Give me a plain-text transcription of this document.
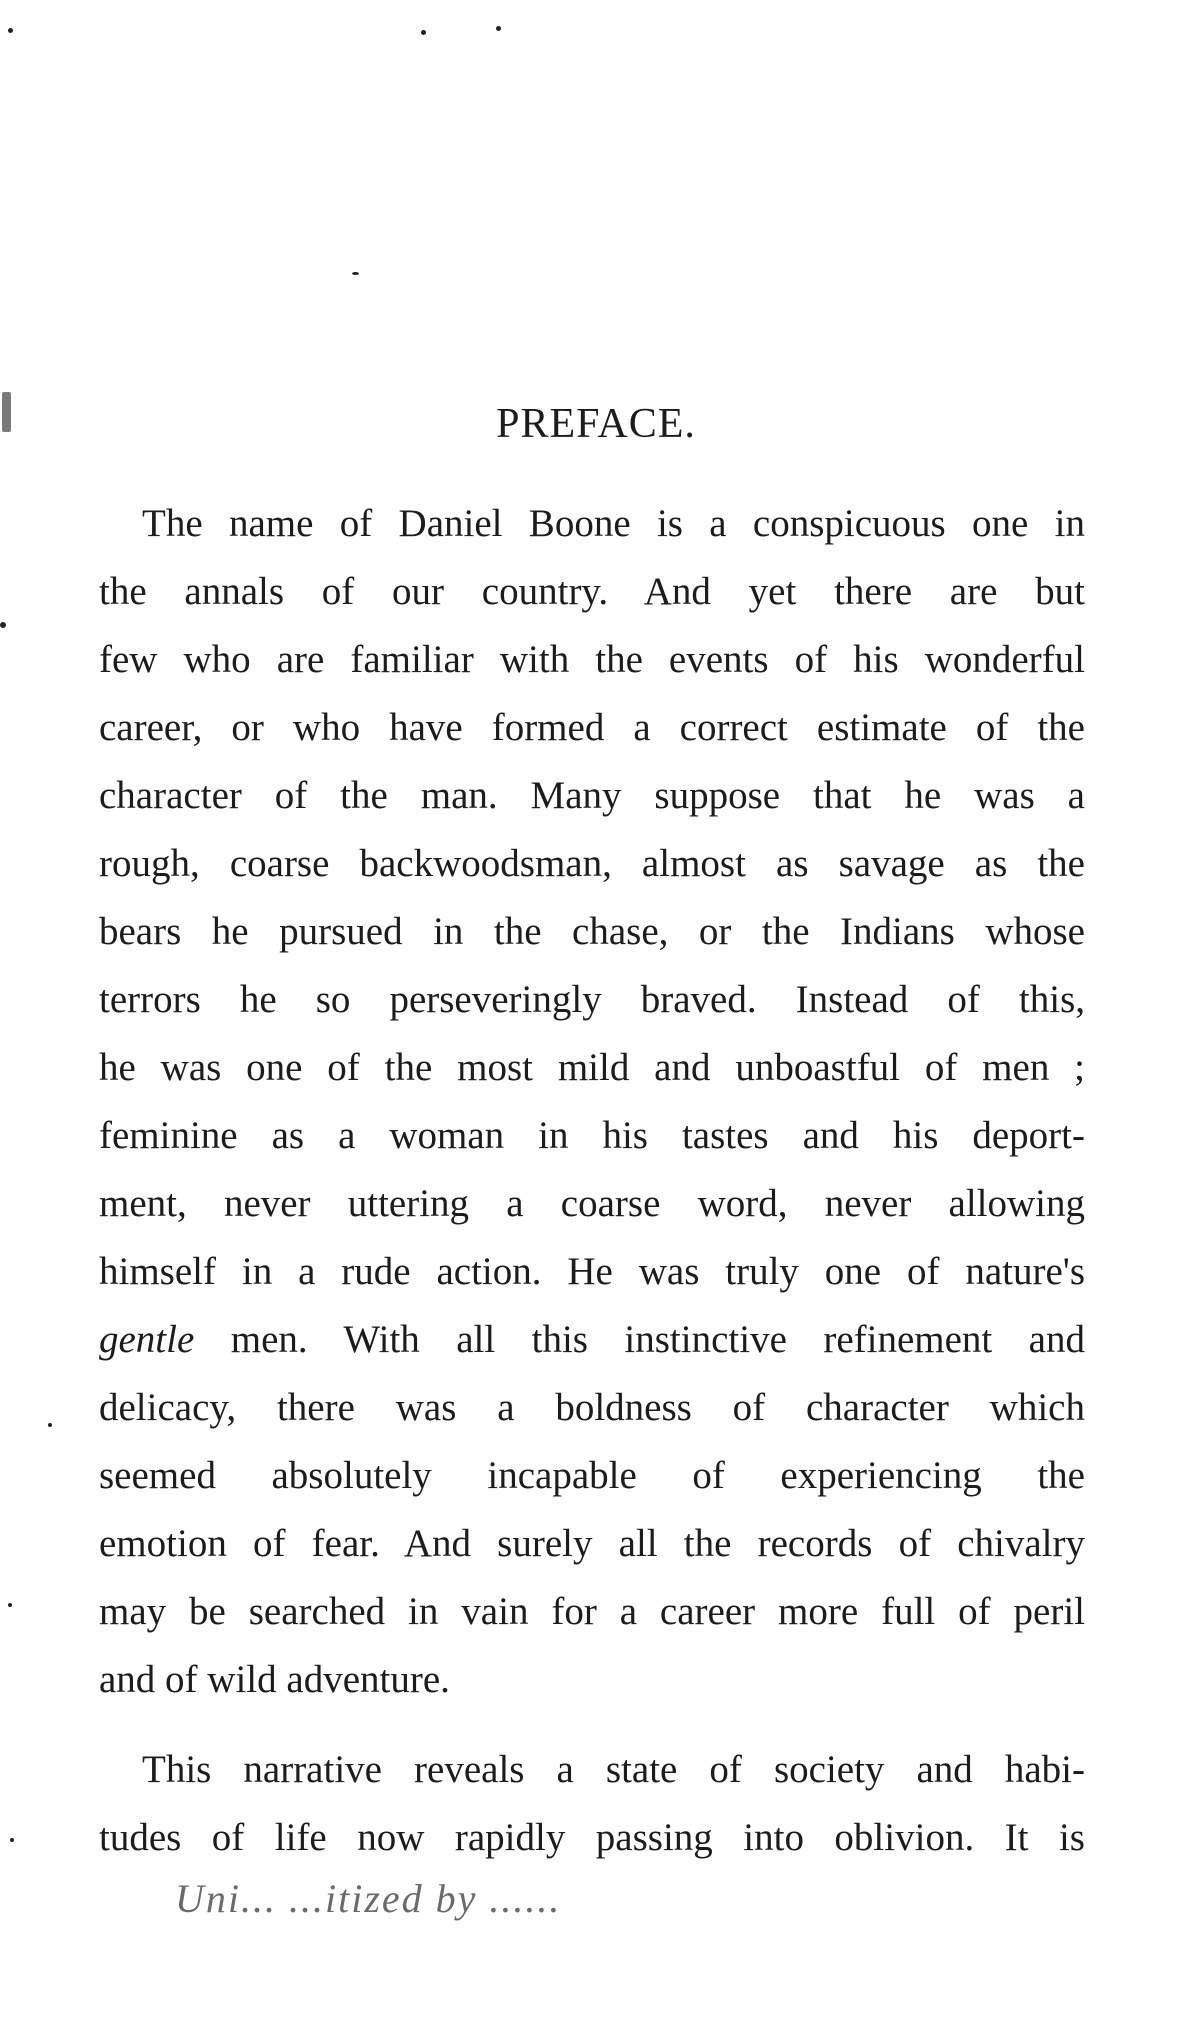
PREFACE.
The name of Daniel Boone is a conspicuous one in
the annals of our country. And yet there are but
few who are familiar with the events of his wonderful
career, or who have formed a correct estimate of the
character of the man. Many suppose that he was a
rough, coarse backwoodsman, almost as savage as the
bears he pursued in the chase, or the Indians whose
terrors he so perseveringly braved. Instead of this,
he was one of the most mild and unboastful of men ;
feminine as a woman in his tastes and his deport-
ment, never uttering a coarse word, never allowing
himself in a rude action. He was truly one of nature's
gentle men. With all this instinctive refinement and
delicacy, there was a boldness of character which
seemed absolutely incapable of experiencing the
emotion of fear. And surely all the records of chivalry
may be searched in vain for a career more full of peril
and of wild adventure.
This narrative reveals a state of society and habi-
tudes of life now rapidly passing into oblivion. It is
Uni... ...itized by ......
